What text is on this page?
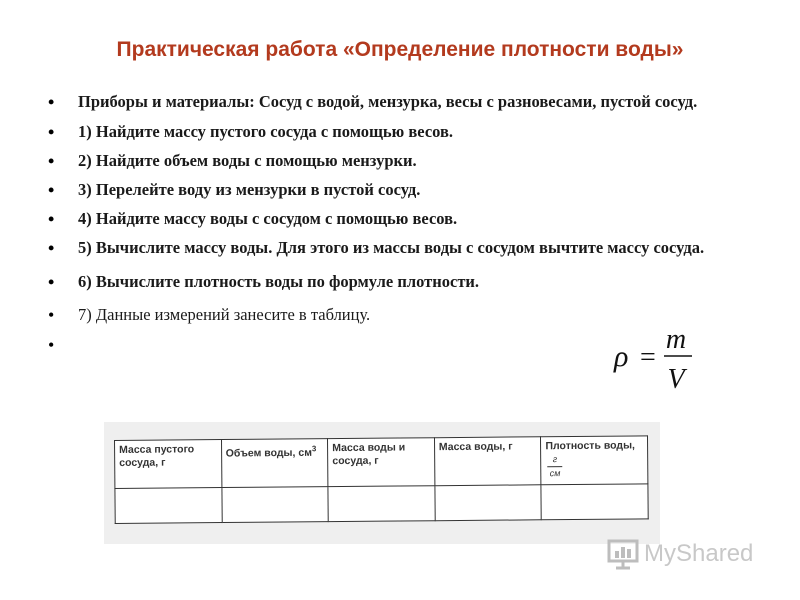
Практическая работа «Определение плотности воды»
• Приборы и материалы: Сосуд с водой, мензурка, весы с разновесами, пустой сосуд.
• 1) Найдите массу пустого сосуда с помощью весов.
• 2) Найдите объем воды с помощью мензурки.
• 3) Перелейте воду из мензурки в пустой сосуд.
• 4) Найдите массу воды с сосудом с помощью весов.
• 5) Вычислите массу воды. Для этого из массы воды с сосудом вычтите массу сосуда.
• 6) Вычислите плотность воды по формуле плотности.
• 7) Данные измерений занесите в таблицу.
•
ρ =
m
V
Масса пустого сосуда, г	Объем воды, $см^3$	Масса воды и сосуда, г	Масса воды, г	Плотность воды,
$\frac{г}{см}$

MyShared
